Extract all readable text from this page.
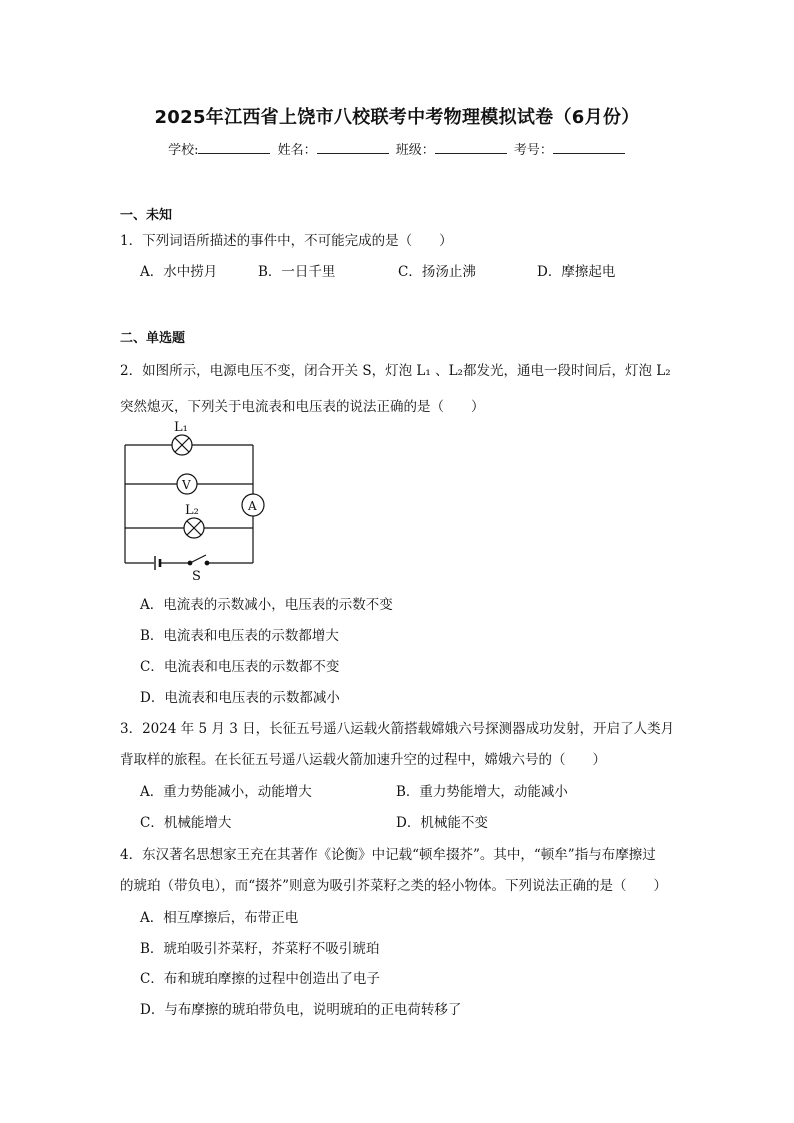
2025年江西省上饶市八校联考中考物理模拟试卷（6月份）
学校:	姓名：	班级：	考号：
一、未知
1．下列词语所描述的事件中，不可能完成的是（　　）
A．水中捞月	B．一日千里	C．扬汤止沸	D．摩擦起电
二、单选题
2．如图所示，电源电压不变，闭合开关 S，灯泡 L₁ 、L₂都发光，通电一段时间后，灯泡 L₂
突然熄灭，下列关于电流表和电压表的说法正确的是（　　）
L₁
V
A
L₂
S
A．电流表的示数减小，电压表的示数不变
B．电流表和电压表的示数都增大
C．电流表和电压表的示数都不变
D．电流表和电压表的示数都减小
3．2024 年 5 月 3 日，长征五号遥八运载火箭搭载嫦娥六号探测器成功发射，开启了人类月
背取样的旅程。在长征五号遥八运载火箭加速升空的过程中，嫦娥六号的（　　）
A．重力势能减小，动能增大	B．重力势能增大，动能减小
C．机械能增大	D．机械能不变
4．东汉著名思想家王充在其著作《论衡》中记载“顿牟掇芥”。其中，“顿牟”指与布摩擦过
的琥珀（带负电），而“掇芥”则意为吸引芥菜籽之类的轻小物体。下列说法正确的是（　　）
A．相互摩擦后，布带正电
B．琥珀吸引芥菜籽，芥菜籽不吸引琥珀
C．布和琥珀摩擦的过程中创造出了电子
D．与布摩擦的琥珀带负电，说明琥珀的正电荷转移了
